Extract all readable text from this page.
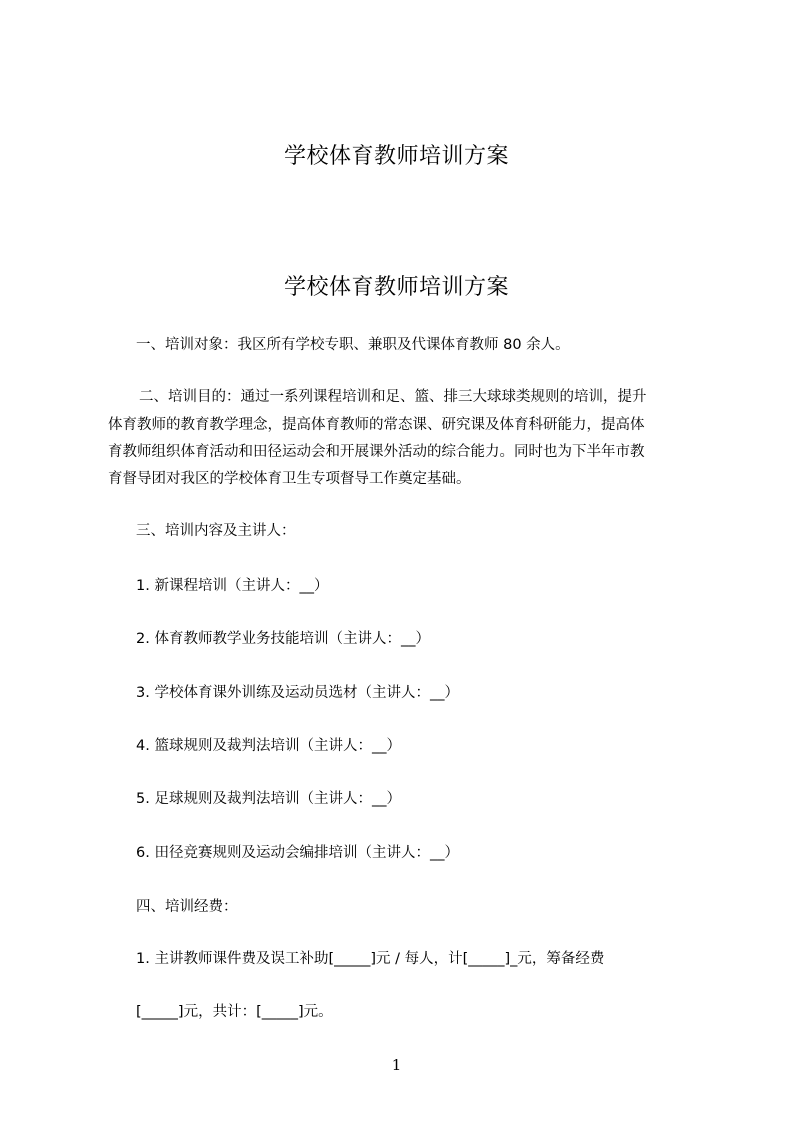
学校体育教师培训方案
学校体育教师培训方案
一、培训对象：我区所有学校专职、兼职及代课体育教师 80 余人。
二、培训目的：通过一系列课程培训和足、篮、排三大球球类规则的培训，提升
体育教师的教育教学理念，提高体育教师的常态课、研究课及体育科研能力，提高体
育教师组织体育活动和田径运动会和开展课外活动的综合能力。同时也为下半年市教
育督导团对我区的学校体育卫生专项督导工作奠定基础。
三、培训内容及主讲人：
1. 新课程培训（主讲人：__）
2. 体育教师教学业务技能培训（主讲人：__）
3. 学校体育课外训练及运动员选材（主讲人：__）
4. 篮球规则及裁判法培训（主讲人：__）
5. 足球规则及裁判法培训（主讲人：__）
6. 田径竞赛规则及运动会编排培训（主讲人：__）
四、培训经费：
1. 主讲教师课件费及误工补助[_____]元 / 每人，计[_____]_元，筹备经费
[_____]元，共计：[_____]元。
1
